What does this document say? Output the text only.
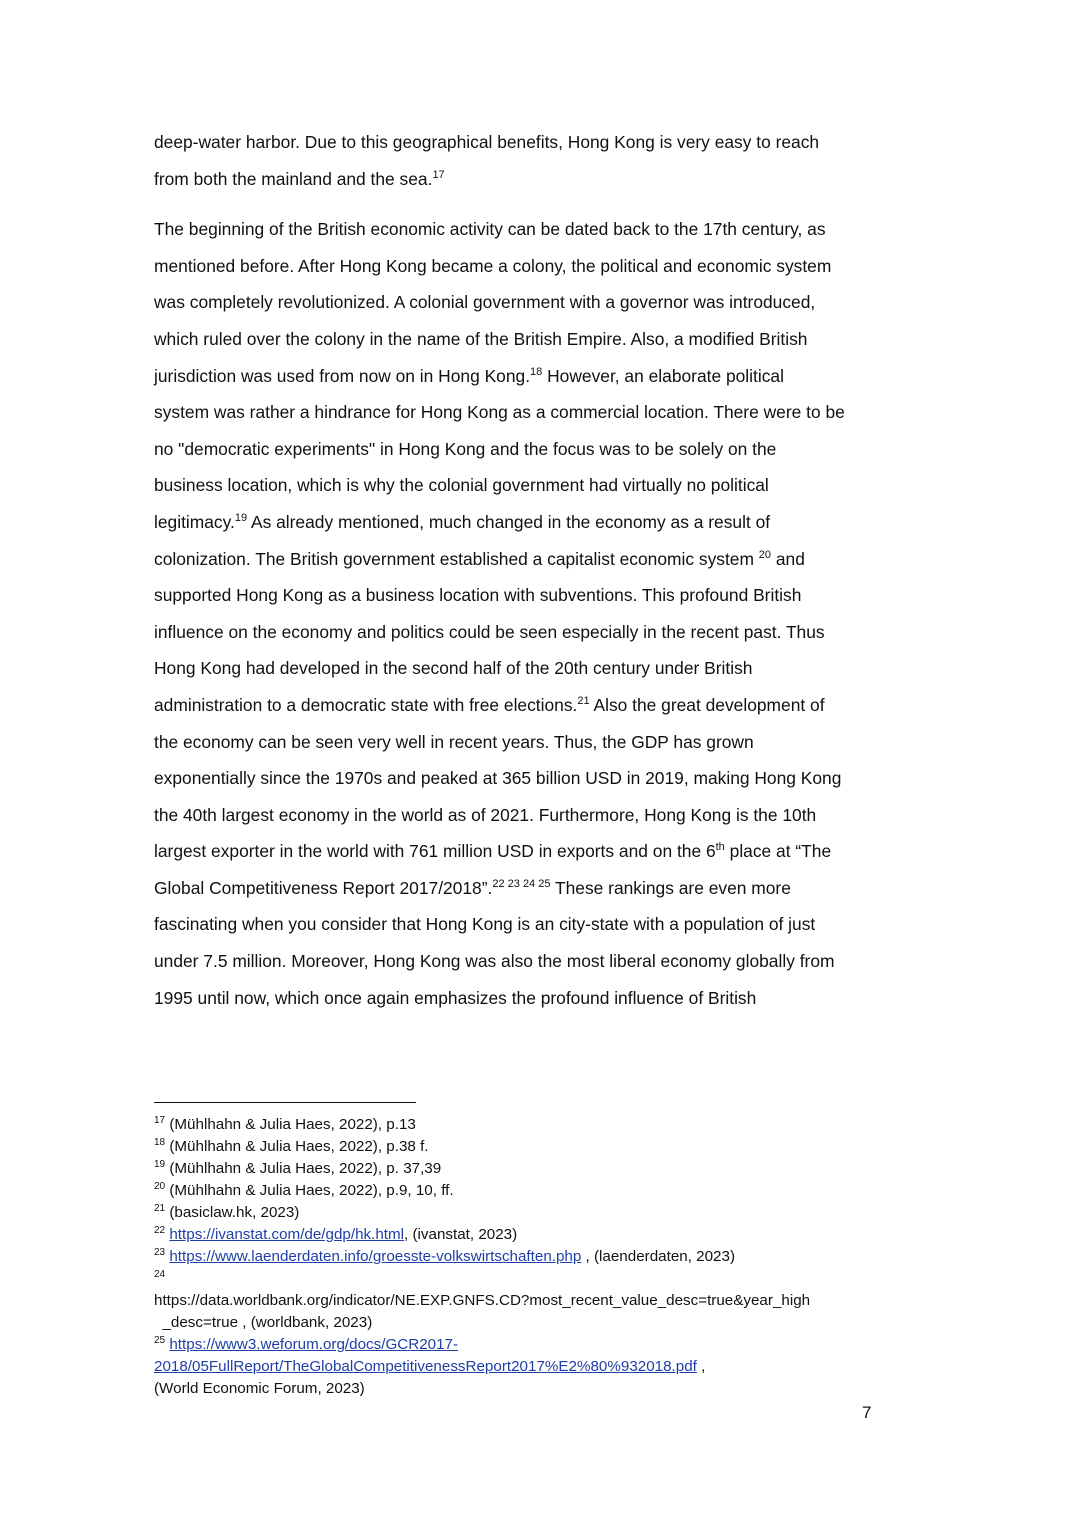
deep-water harbor. Due to this geographical benefits, Hong Kong is very easy to reach
from both the mainland and the sea.$^{17}$

The beginning of the British economic activity can be dated back to the 17th century, as
mentioned before. After Hong Kong became a colony, the political and economic system
was completely revolutionized. A colonial government with a governor was introduced,
which ruled over the colony in the name of the British Empire. Also, a modified British
jurisdiction was used from now on in Hong Kong.$^{18}$ However, an elaborate political
system was rather a hindrance for Hong Kong as a commercial location. There were to be
no "democratic experiments" in Hong Kong and the focus was to be solely on the
business location, which is why the colonial government had virtually no political
legitimacy.$^{19}$ As already mentioned, much changed in the economy as a result of
colonization. The British government established a capitalist economic system $^{20}$ and
supported Hong Kong as a business location with subventions. This profound British
influence on the economy and politics could be seen especially in the recent past. Thus
Hong Kong had developed in the second half of the 20th century under British
administration to a democratic state with free elections.$^{21}$ Also the great development of
the economy can be seen very well in recent years. Thus, the GDP has grown
exponentially since the 1970s and peaked at 365 billion USD in 2019, making Hong Kong
the 40th largest economy in the world as of 2021. Furthermore, Hong Kong is the 10th
largest exporter in the world with 761 million USD in exports and on the 6th place at “The
Global Competitiveness Report 2017/2018”.$^{22 23 24 25}$ These rankings are even more
fascinating when you consider that Hong Kong is an city-state with a population of just
under 7.5 million. Moreover, Hong Kong was also the most liberal economy globally from
1995 until now, which once again emphasizes the profound influence of British

$^{17}$ (Mühlhahn & Julia Haes, 2022), p.13

$^{18}$ (Mühlhahn & Julia Haes, 2022), p.38 f.

$^{19}$ (Mühlhahn & Julia Haes, 2022), p. 37,39

$^{20}$ (Mühlhahn & Julia Haes, 2022), p.9, 10, ff.

$^{21}$ (basiclaw.hk, 2023)

$^{22}$ https://ivanstat.com/de/gdp/hk.html, (ivanstat, 2023)

$^{23}$ https://www.laenderdaten.info/groesste-volkswirtschaften.php , (laenderdaten, 2023)

24
https://data.worldbank.org/indicator/NE.EXP.GNFS.CD?most_recent_value_desc=true&year_high
_desc=true , (worldbank, 2023)

$^{25}$ https://www3.weforum.org/docs/GCR2017-
2018/05FullReport/TheGlobalCompetitivenessReport2017%E2%80%932018.pdf ,
(World Economic Forum, 2023)

7
